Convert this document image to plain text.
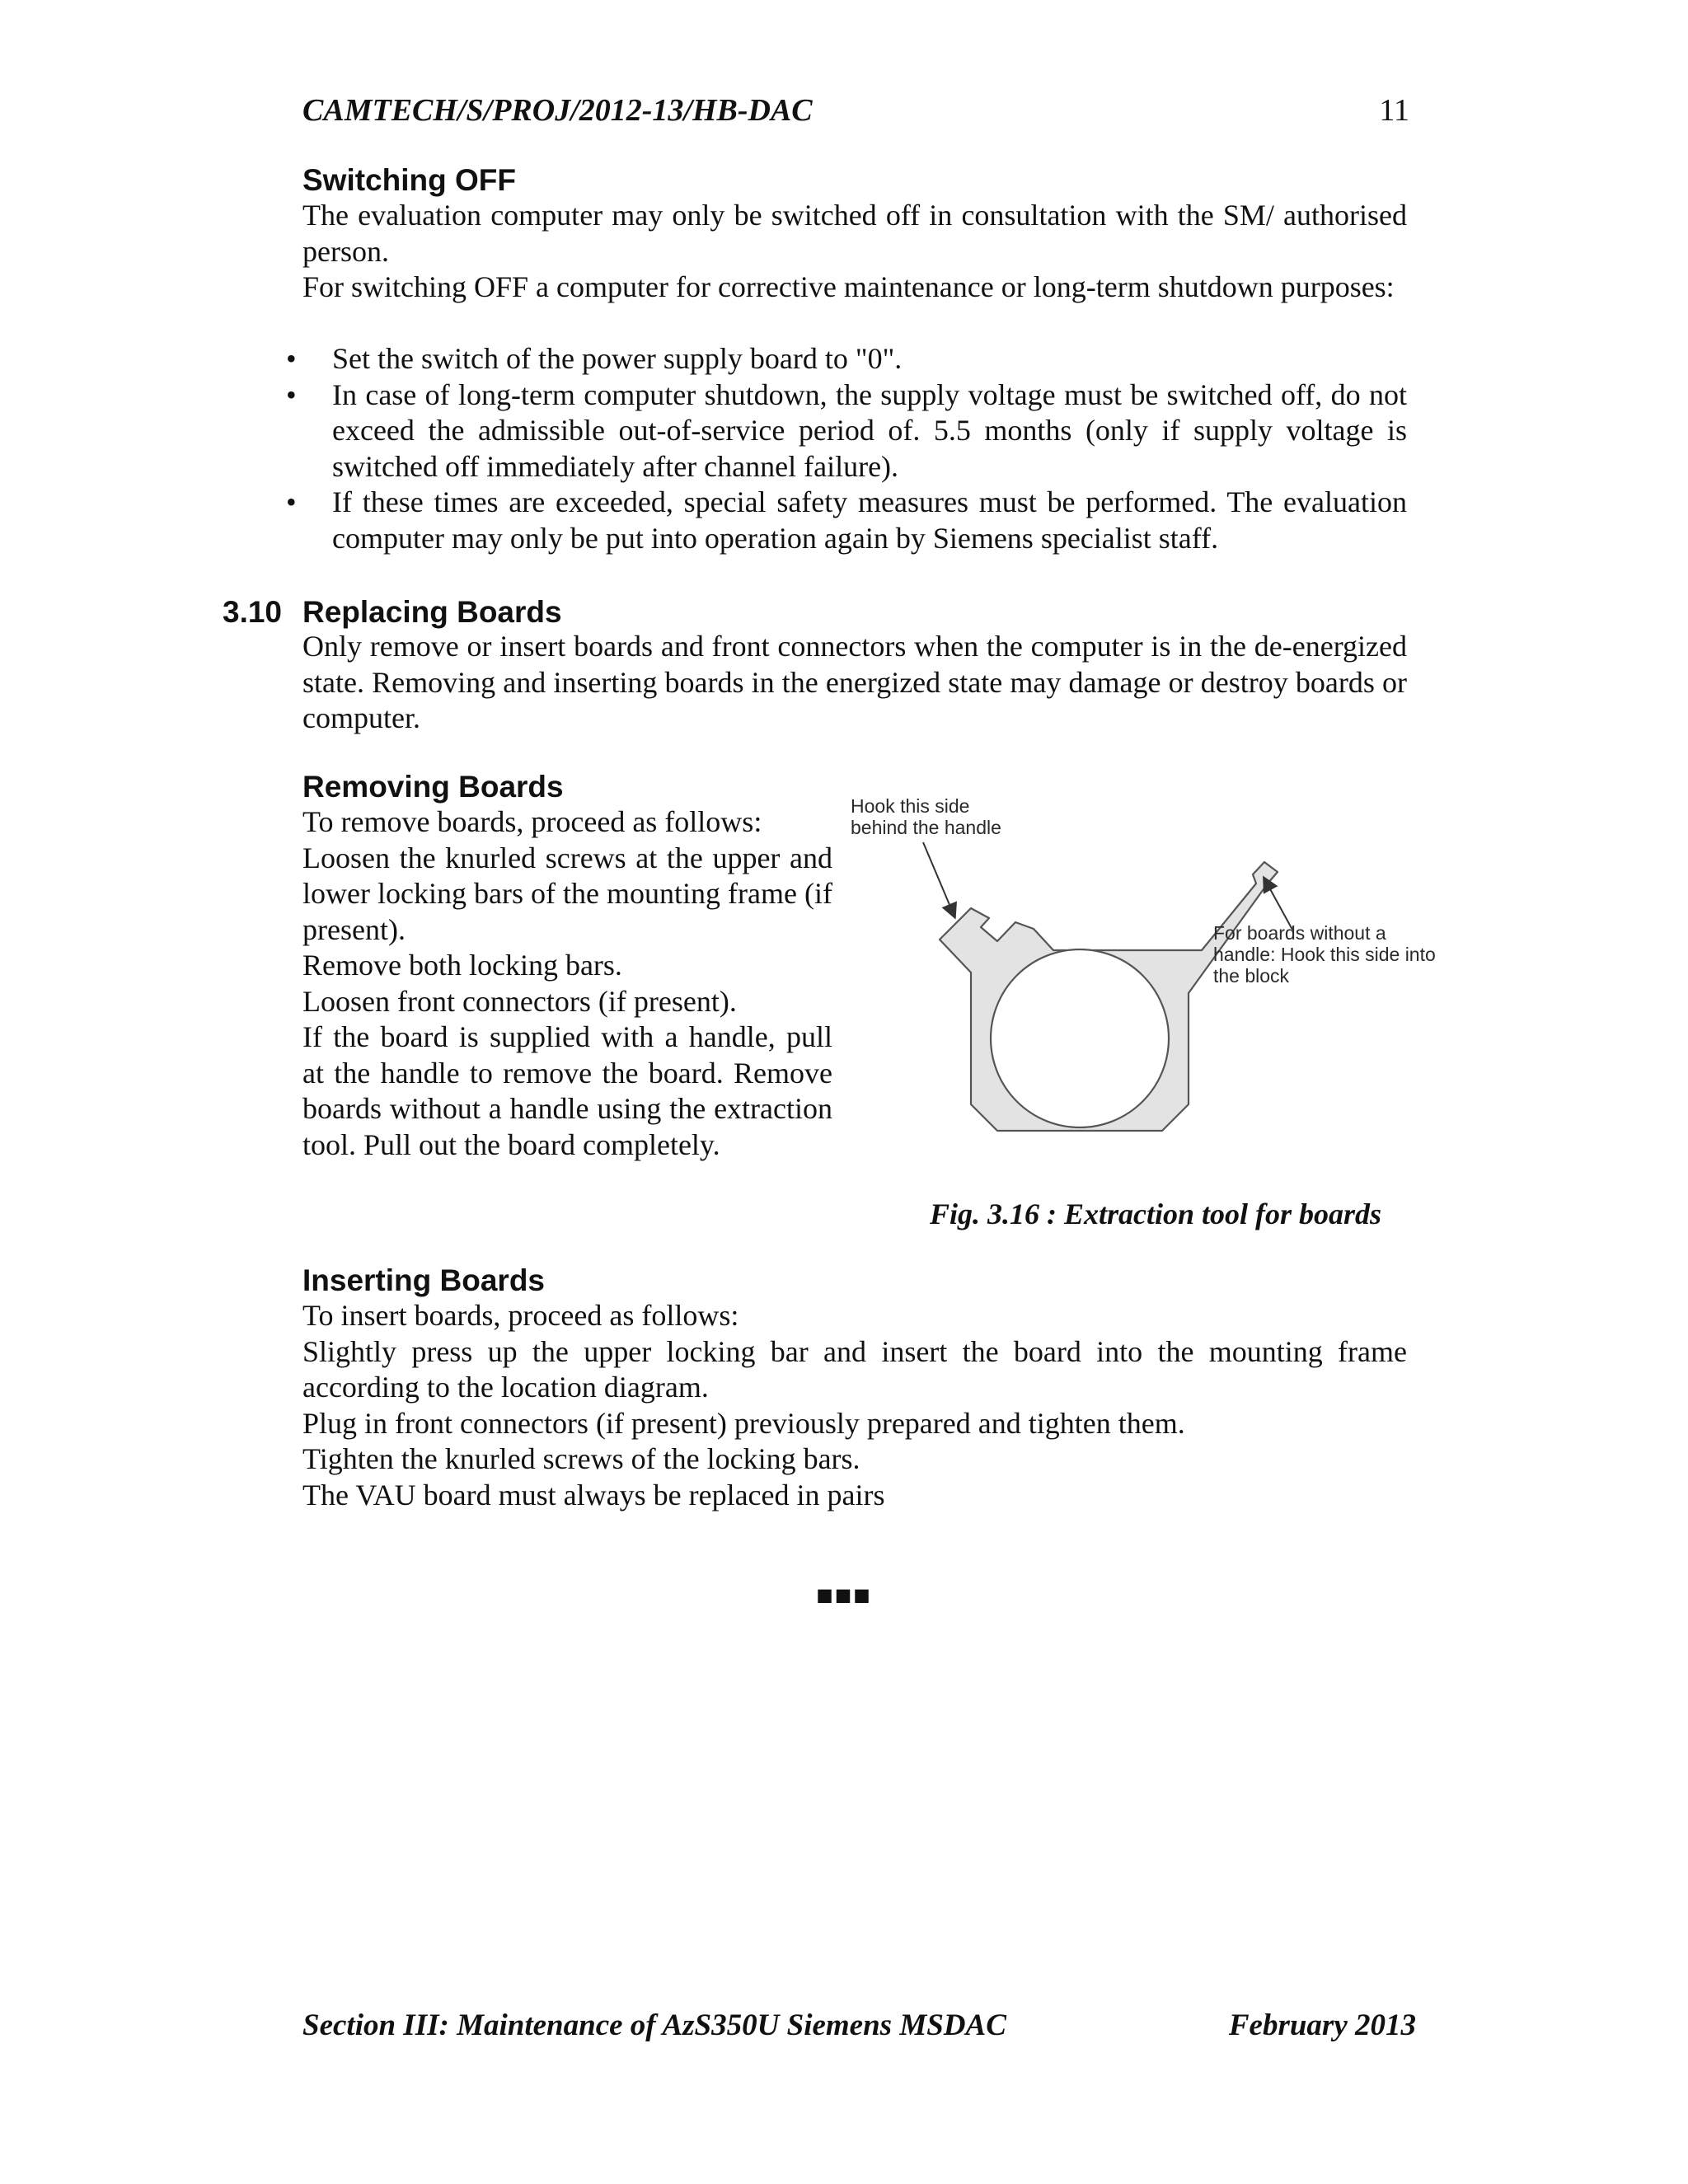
CAMTECH/S/PROJ/2012-13/HB-DAC	11
Switching OFF
The evaluation computer may only be switched off in consultation with the SM/ authorised person.
For switching OFF a computer for corrective maintenance or long-term shutdown purposes:
• Set the switch of the power supply board to "0".
• In case of long-term computer shutdown, the supply voltage must be switched off, do not exceed the admissible out-of-service period of. 5.5 months (only if supply voltage is switched off immediately after channel failure).
• If these times are exceeded, special safety measures must be performed. The evaluation computer may only be put into operation again by Siemens specialist staff.
3.10 Replacing Boards
Only remove or insert boards and front connectors when the computer is in the de-energized state. Removing and inserting boards in the energized state may damage or destroy boards or computer.
Removing Boards
To remove boards, proceed as follows:
Loosen the knurled screws at the upper and lower locking bars of the mounting frame (if present).
Remove both locking bars.
Loosen front connectors (if present).
If the board is supplied with a handle, pull at the handle to remove the board. Remove boards without a handle using the extraction tool. Pull out the board completely.
Hook this side
behind the handle
For boards without a
handle: Hook this side into
the block
Fig. 3.16 : Extraction tool for boards
Inserting Boards
To insert boards, proceed as follows:
Slightly press up the upper locking bar and insert the board into the mounting frame according to the location diagram.
Plug in front connectors (if present) previously prepared and tighten them.
Tighten the knurled screws of the locking bars.
The VAU board must always be replaced in pairs
■■■
Section III: Maintenance of AzS350U Siemens MSDAC	February 2013
